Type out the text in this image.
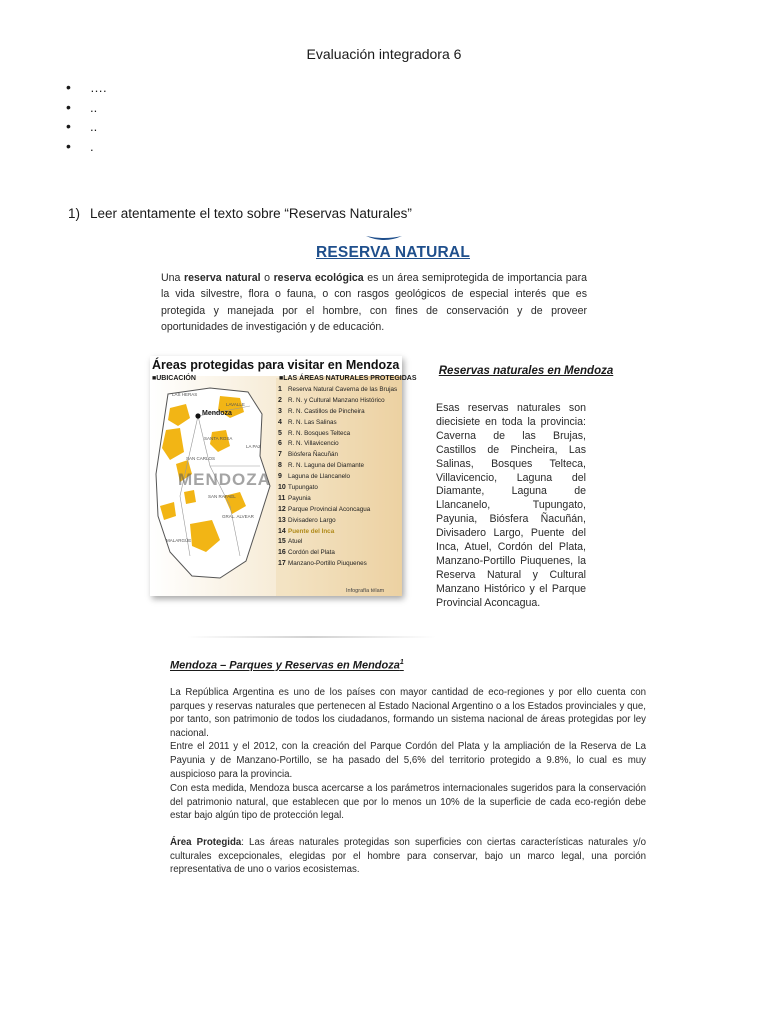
Evaluación integradora 6
• ….
• ..
• ..
• .
1) Leer atentamente el texto sobre “Reservas Naturales”
RESERVA NATURAL
Una reserva natural o reserva ecológica es un área semiprotegida de importancia para la vida silvestre, flora o fauna, o con rasgos geológicos de especial interés que es protegida y manejada por el hombre, con fines de conservación y de proveer oportunidades de investigación y de educación.
Mendoza
MENDOZA
LAS HERAS
LAVALLE
LA PAZ
SANTA ROSA
SAN CARLOS
MALARGÜE
GRAL. ALVEAR
SAN RAFAEL
Áreas protegidas para visitar en Mendoza
■UBICACIÓN	■LAS ÁREAS NATURALES PROTEGIDAS
1 Reserva Natural Caverna de las Brujas
2 R. N. y Cultural Manzano Histórico
3 R. N. Castillos de Pincheira
4 R. N. Las Salinas
5 R. N. Bosques Telteca
6 R. N. Villavicencio
7 Biósfera Ñacuñán
8 R. N. Laguna del Diamante
9 Laguna de Llancanelo
10 Tupungato
11 Payunia
12 Parque Provincial Aconcagua
13 Divisadero Largo
14 Puente del Inca
15 Atuel
16 Cordón del Plata
17 Manzano-Portillo Piuquenes
Infografía télam
Reservas naturales en Mendoza
Esas reservas naturales son diecisiete en toda la provincia: Caverna de las Brujas, Castillos de Pincheira, Las Salinas, Bosques Telteca, Villavicencio, Laguna del Diamante, Laguna de Llancanelo, Tupungato, Payunia, Biósfera Ñacuñán, Divisadero Largo, Puente del Inca, Atuel, Cordón del Plata, Manzano-Portillo Piuquenes, la Reserva Natural y Cultural Manzano Histórico y el Parque Provincial Aconcagua.
Mendoza – Parques y Reservas en Mendoza$^1$
La República Argentina es uno de los países con mayor cantidad de eco-regiones y por ello cuenta con parques y reservas naturales que pertenecen al Estado Nacional Argentino o a los Estados provinciales y que, por tanto, son patrimonio de todos los ciudadanos, formando un sistema nacional de áreas protegidas por ley nacional.
Entre el 2011 y el 2012, con la creación del Parque Cordón del Plata y la ampliación de la Reserva de La Payunia y de Manzano-Portillo, se ha pasado del 5,6% del territorio protegido a 9.8%, lo cual es muy auspicioso para la provincia.
Con esta medida, Mendoza busca acercarse a los parámetros internacionales sugeridos para la conservación del patrimonio natural, que establecen que por lo menos un 10% de la superficie de cada eco-región debe estar bajo algún tipo de protección legal.
Área Protegida: Las áreas naturales protegidas son superficies con ciertas características naturales y/o culturales excepcionales, elegidas por el hombre para conservar, bajo un marco legal, una porción representativa de uno o varios ecosistemas.
